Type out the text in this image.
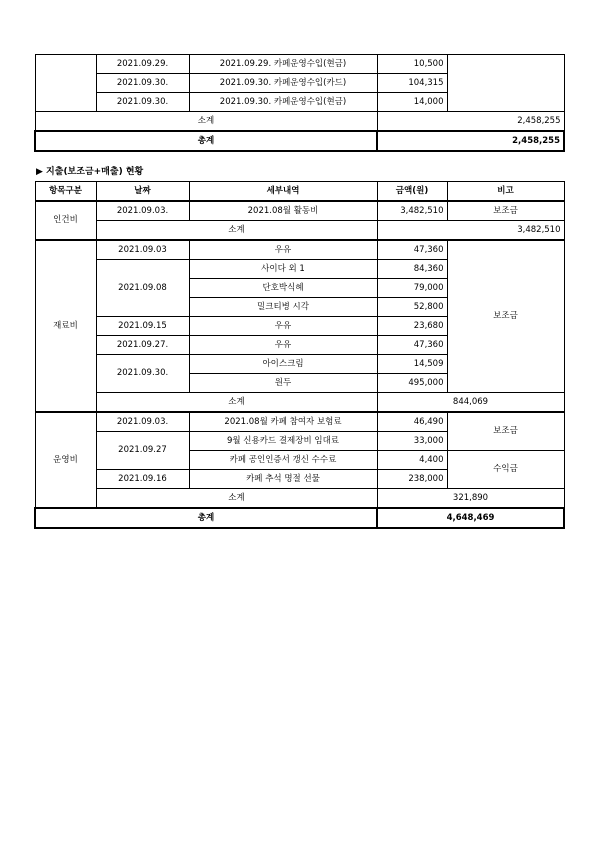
	2021.09.29.	2021.09.29. 카페운영수입(현금)	10,500	
	2021.09.30.	2021.09.30. 카페운영수입(카드)	104,315	
	2021.09.30.	2021.09.30. 카페운영수입(현금)	14,000	
소계			2,458,255	
총계			2,458,255	
▶ 지출(보조금+매출) 현황
항목구분	날짜	세부내역	금액(원)	비고
인건비	2021.09.03.	2021.08월 활동비	3,482,510	보조금
	소계		3,482,510	
재료비	2021.09.03	우유	47,360	보조금
	2021.09.08	사이다 외 1	84,360	
		단호박식혜	79,000	
		밀크티병 시각	52,800	
	2021.09.15	우유	23,680	
	2021.09.27.	우유	47,360	
	2021.09.30.	아이스크림	14,509	
		원두	495,000	
	소계		844,069	
운영비	2021.09.03.	2021.08월 카페 참여자 보험료	46,490	보조금
	2021.09.27	9월 신용카드 결제장비 임대료	33,000	
		카페 공인인증서 갱신 수수료	4,400	수익금
	2021.09.16	카페 추석 명절 선물	238,000	
	소계		321,890	
총계			4,648,469	
